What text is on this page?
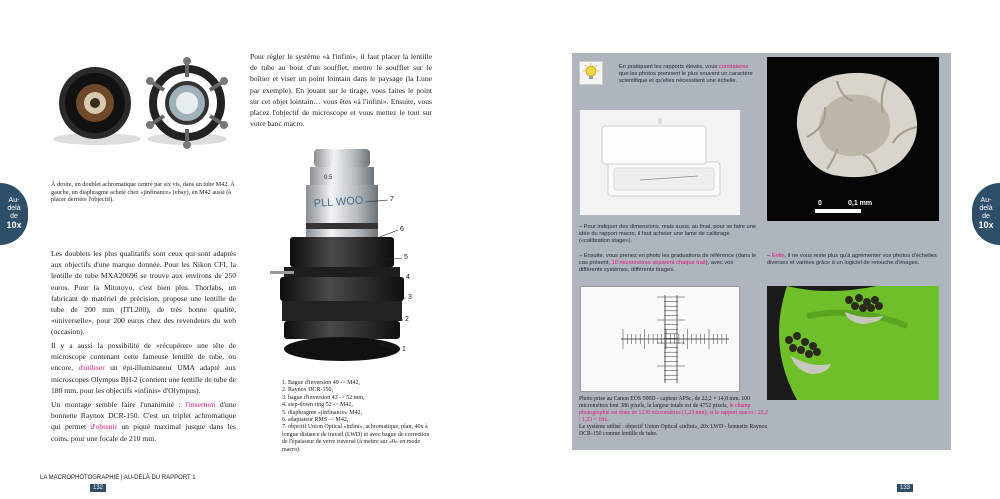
Pour régler le système «à l'infini», il faut placer la lentille de tube au bout d'un soufflet, mettre le soufflet sur le boîtier et viser un point lointain dans le paysage (la Lune par exemple). En jouant sur le tirage, vous faites le point sur cet objet lointain… vous êtes «à l'infini». Ensuite, vous placez l'objectif de microscope et vous mettez le tout sur votre banc macro.
Au-
delà
de
10x
À droite, un doublet achromatique centré par six vis, dans un tube M42. À gauche, un diaphragme acheté chez «jinfinance» (ebay), en M42 aussi (à placer derrière l'objectif).
Les doublets les plus qualitatifs sont ceux qui sont adaptés aux objectifs d'une marque donnée. Pour les Nikon CFI, la lentille de tube MXA20696 se trouve aux environs de 250 euros. Pour la Mitutoyo, c'est bien plus. Thorlabs, un fabricant de matériel de précision, propose une lentille de tube de 200 mm (ITL200), de très bonne qualité, «universelle», pour 200 euros chez des revendeurs du web (occasion).
Il y a aussi la possibilité de «récupérer» une tête de microscope contenant cette fameuse lentille de tube, ou encore, d'utiliser un épi-illuminateur UMA adapté aux microscopes Olympus BH-2 (contient une lentille de tube de 180 mm, pour les objectifs «infinis» d'Olympus).
Un montage semble faire l'unanimité : l'insertion d'une bonnette Raynox DCR-150. C'est un triplet achromatique qui permet d'obtenir un piqué maximal jusque dans les coins, pour une focale de 210 mm.
0.5
PLL WOO	7
6
5
4
3
2
1
1. Bague d'inversion 49 -> M42,
2. Raynox DCR-150,
3. bague d'inversion 43 -> 52 mm,
4. step-down ring 52 -> M42,
5. diaphragme «jinfinance» M42,
6. adaptateur RMS -> M42,
7. objectif Union Optical «infini», achromatique, plan, 40x à longue distance de travail (LWD) et avec bague de correction de l'épaisseur de verre traversé (à mettre sur «0» en mode macro).
LA MACROPHOTOGRAPHIE | AU-DELÀ DU RAPPORT 1
132
En pratiquant les rapports élevés, vous constaterez que les photos prennent le plus souvent un caractère scientifique et qu'elles nécessitent une échelle.
0	0,1 mm
– Pour indiquer des dimensions, mais aussi, au final, pour se faire une idée du rapport macro, il faut acheter une lame de calibrage («calibration stage»).
– Ensuite, vous prenez en photo les graduations de référence (dans le cas présent, 10 micromètres séparent chaque trait), avec vos différents systèmes, différents tirages.
– Enfin, il ne vous reste plus qu'à agrémenter vos photos d'échelles diverses et variées grâce à un logiciel de retouche d'images.
Photo prise au Canon EOS 500D - capteur APSc, de 22,2 × 14,8 mm. 100 micromètres font 386 pixels, la largeur totale est de 4752 pixels, le champ photographié est donc de 1230 micromètres (1,23 mm), et le rapport macro : 22,2 / 1,23 = 18x.
Le système utilisé : objectif Union Optical «infini», 20x LWD - bonnette Raynox DCR-150 comme lentille de tube.
Au-
delà
de
10x
133
